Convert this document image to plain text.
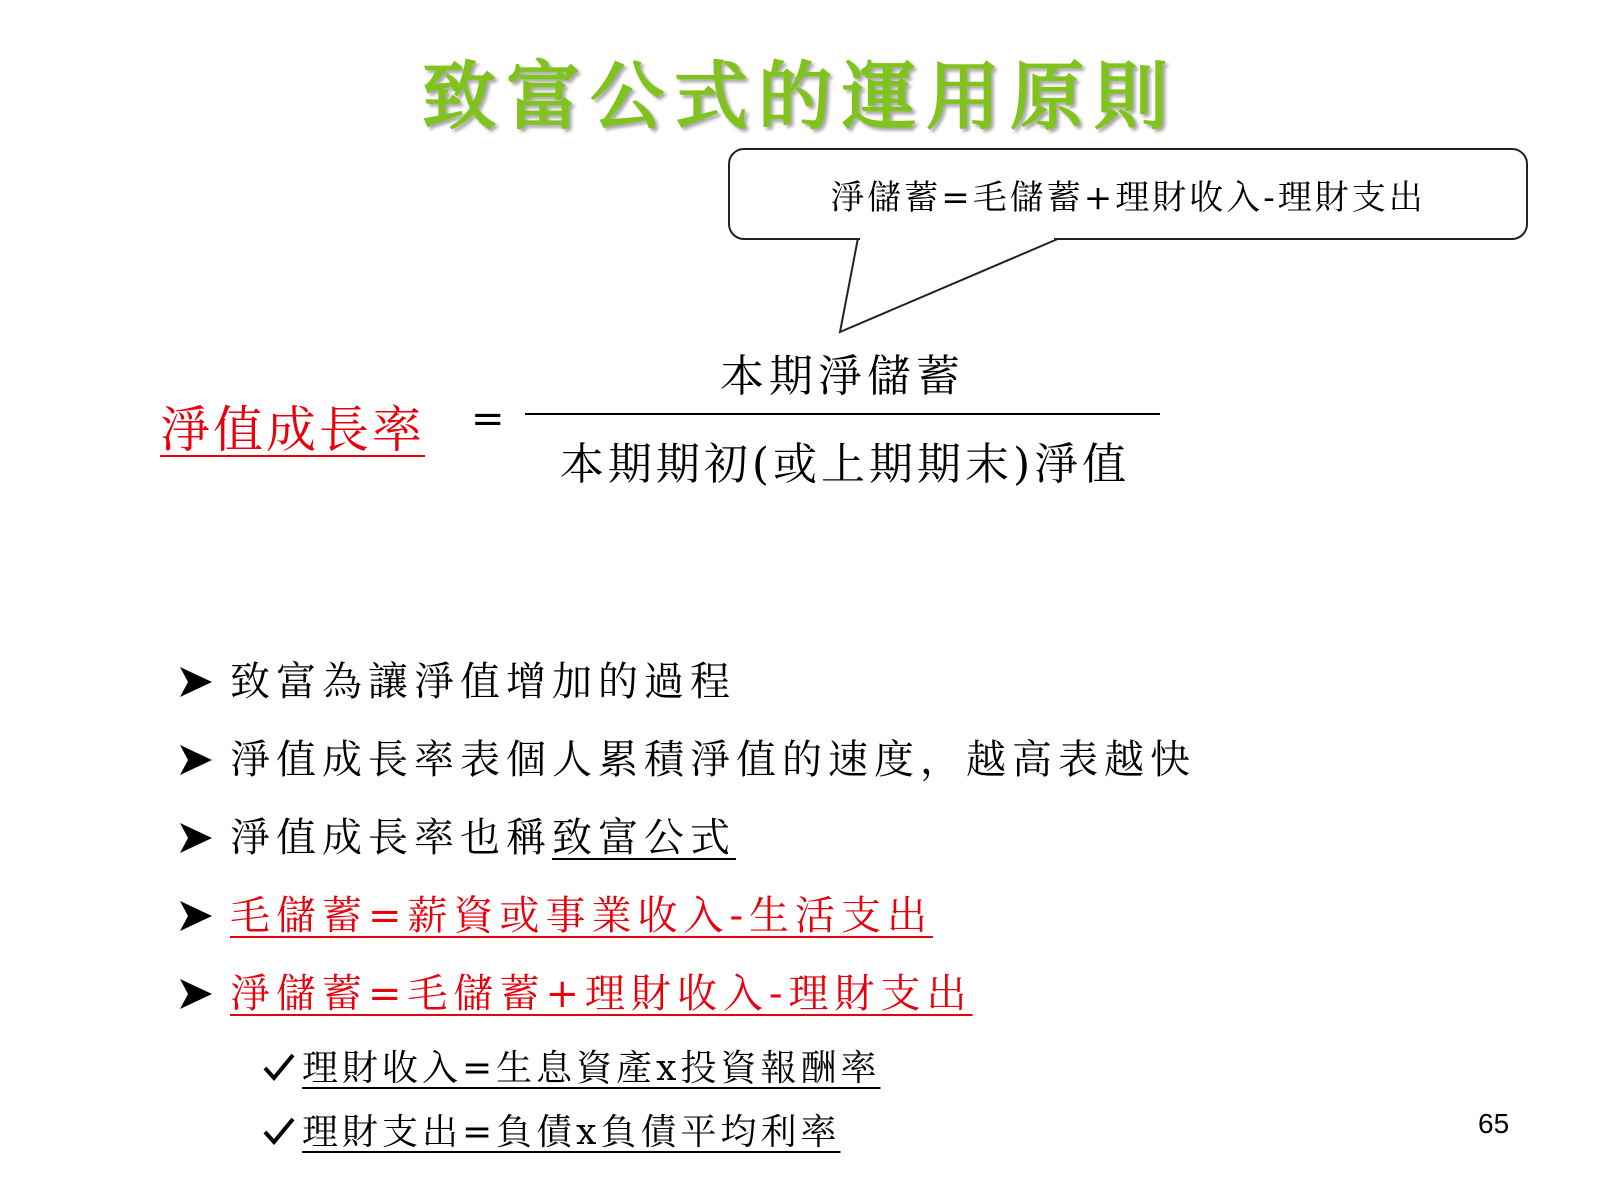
致富公式的運用原則
淨儲蓄=毛儲蓄+理財收入-理財支出
淨值成長率 =
本期淨儲蓄
本期期初(或上期期末)淨值
致富為讓淨值增加的過程
淨值成長率表個人累積淨值的速度，越高表越快
淨值成長率也稱 致富公式
毛儲蓄=薪資或事業收入-生活支出
淨儲蓄=毛儲蓄+理財收入-理財支出
理財收入=生息資產x投資報酬率
理財支出=負債x負債平均利率	65
